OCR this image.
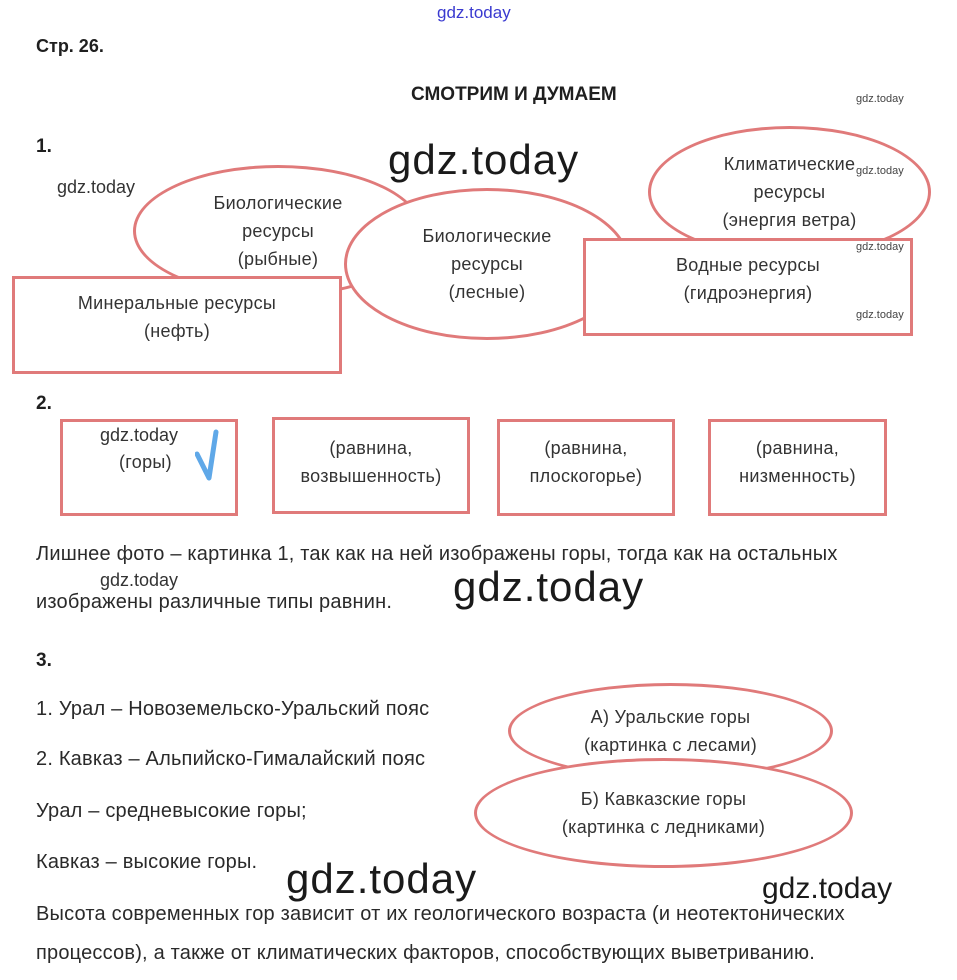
gdz.today
Стр. 26.
СМОТРИМ И ДУМАЕМ	gdz.today
1.
gdz.today
Биологические
ресурсы
(рыбные)
Минеральные ресурсы
(нефть)
Биологические
ресурсы
(лесные)
Климатические
ресурсы
(энергия ветра)
Водные ресурсы
(гидроэнергия)
gdz.today	gdz.today
gdz.today
gdz.today
2.
(горы)
gdz.today
(равнина,
возвышенность)
(равнина,
плоскогорье)
(равнина,
низменность)
Лишнее фото – картинка 1, так как на ней изображены горы, тогда как на остальных
gdz.today
изображены различные типы равнин. gdz.today
3.
1. Урал – Новоземельско-Уральский пояс
2. Кавказ – Альпийско-Гималайский пояс
Урал – средневысокие горы;
Кавказ – высокие горы.
А) Уральские горы
(картинка с лесами)
Б) Кавказские горы
(картинка с ледниками)
gdz.today	gdz.today
Высота современных гор зависит от их геологического возраста (и неотектонических
процессов), а также от климатических факторов, способствующих выветриванию.
